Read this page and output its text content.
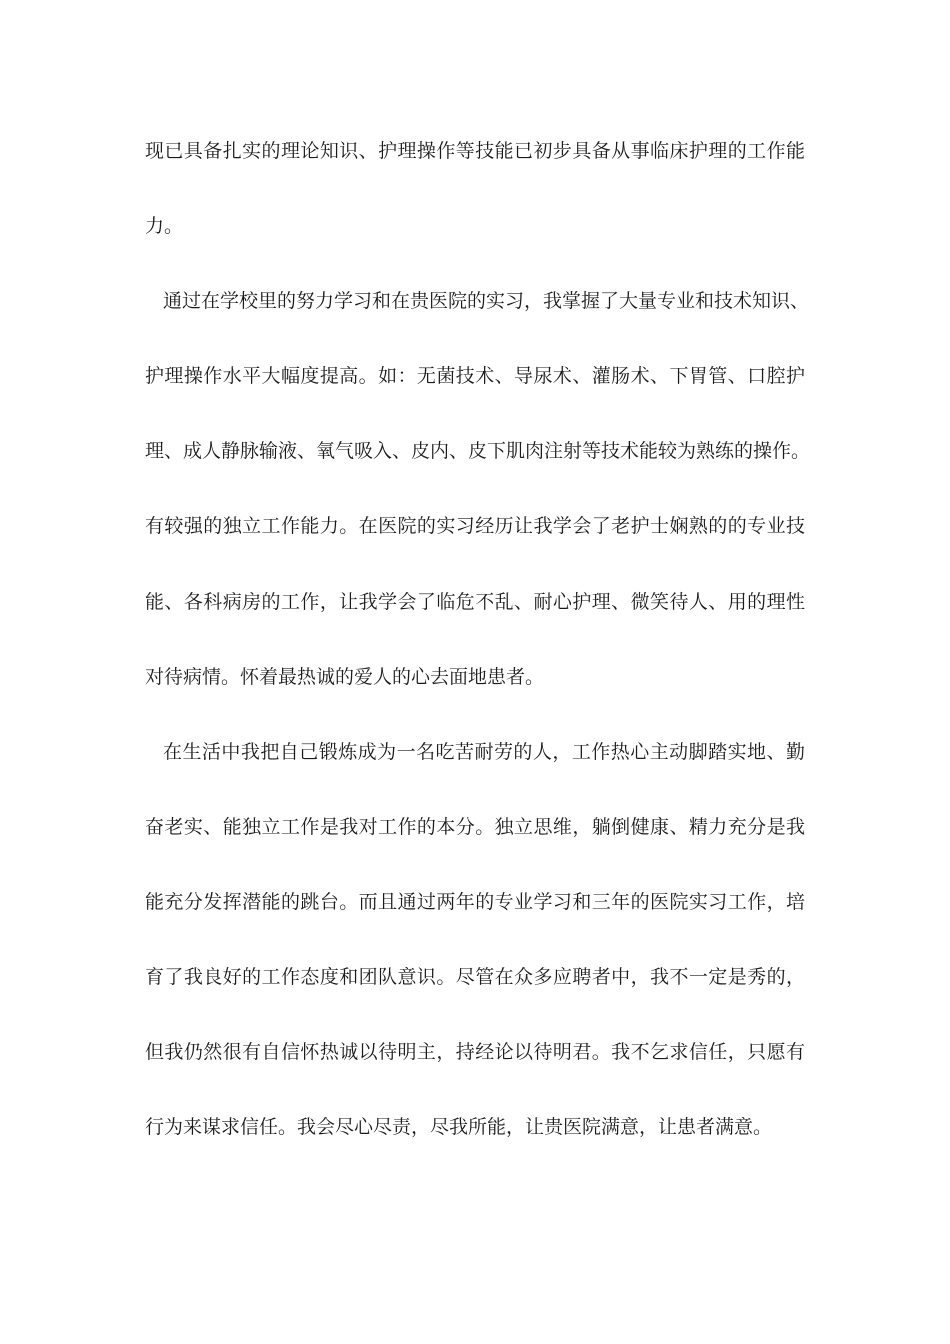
现已具备扎实的理论知识、护理操作等技能已初步具备从事临床护理的工作能
力。
通过在学校里的努力学习和在贵医院的实习，我掌握了大量专业和技术知识、
护理操作水平大幅度提高。如：无菌技术、导尿术、灌肠术、下胃管、口腔护
理、成人静脉输液、氧气吸入、皮内、皮下肌肉注射等技术能较为熟练的操作。
有较强的独立工作能力。在医院的实习经历让我学会了老护士娴熟的的专业技
能、各科病房的工作，让我学会了临危不乱、耐心护理、微笑待人、用的理性
对待病情。怀着最热诚的爱人的心去面地患者。
在生活中我把自己锻炼成为一名吃苦耐劳的人，工作热心主动脚踏实地、勤
奋老实、能独立工作是我对工作的本分。独立思维，躺倒健康、精力充分是我
能充分发挥潜能的跳台。而且通过两年的专业学习和三年的医院实习工作，培
育了我良好的工作态度和团队意识。尽管在众多应聘者中，我不一定是秀的，
但我仍然很有自信怀热诚以待明主，持经论以待明君。我不乞求信任，只愿有
行为来谋求信任。我会尽心尽责，尽我所能，让贵医院满意，让患者满意。
